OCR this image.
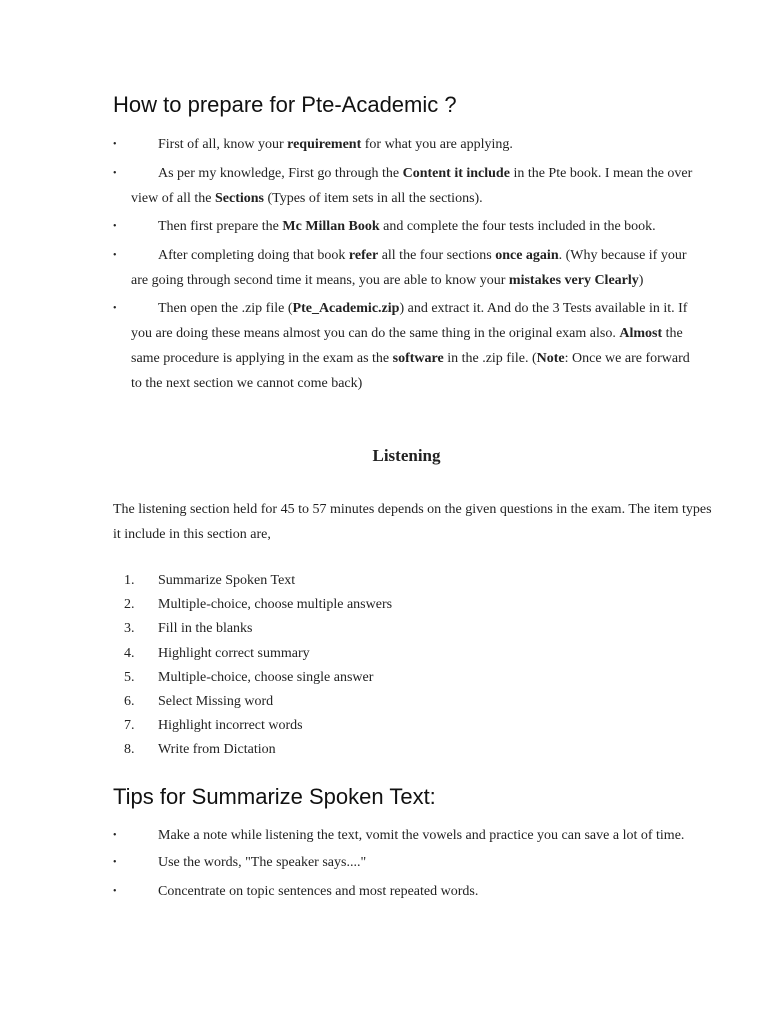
How to prepare for Pte-Academic ?
•	First of all, know your requirement for what you are applying.
•	As per my knowledge, First go through the Content it include in the Pte book. I mean the over view of all the Sections (Types of item sets in all the sections).
•	Then first prepare the Mc Millan Book and complete the four tests included in the book.
•	After completing doing that book refer all the four sections once again. (Why because if your are going through second time it means, you are able to know your mistakes very Clearly)
•	Then open the .zip file (Pte_Academic.zip) and extract it. And do the 3 Tests available in it. If you are doing these means almost you can do the same thing in the original exam also. Almost the same procedure is applying in the exam as the software in the .zip file. (Note: Once we are forward to the next section we cannot come back)
Listening

The listening section held for 45 to 57 minutes depends on the given questions in the exam. The item types it include in this section are,

1. Summarize Spoken Text
2. Multiple-choice, choose multiple answers
3. Fill in the blanks
4. Highlight correct summary
5. Multiple-choice, choose single answer
6. Select Missing word
7. Highlight incorrect words
8. Write from Dictation
Tips for Summarize Spoken Text:
•	Make a note while listening the text, vomit the vowels and practice you can save a lot of time.
•	Use the words, "The speaker says...."
•	Concentrate on topic sentences and most repeated words.
